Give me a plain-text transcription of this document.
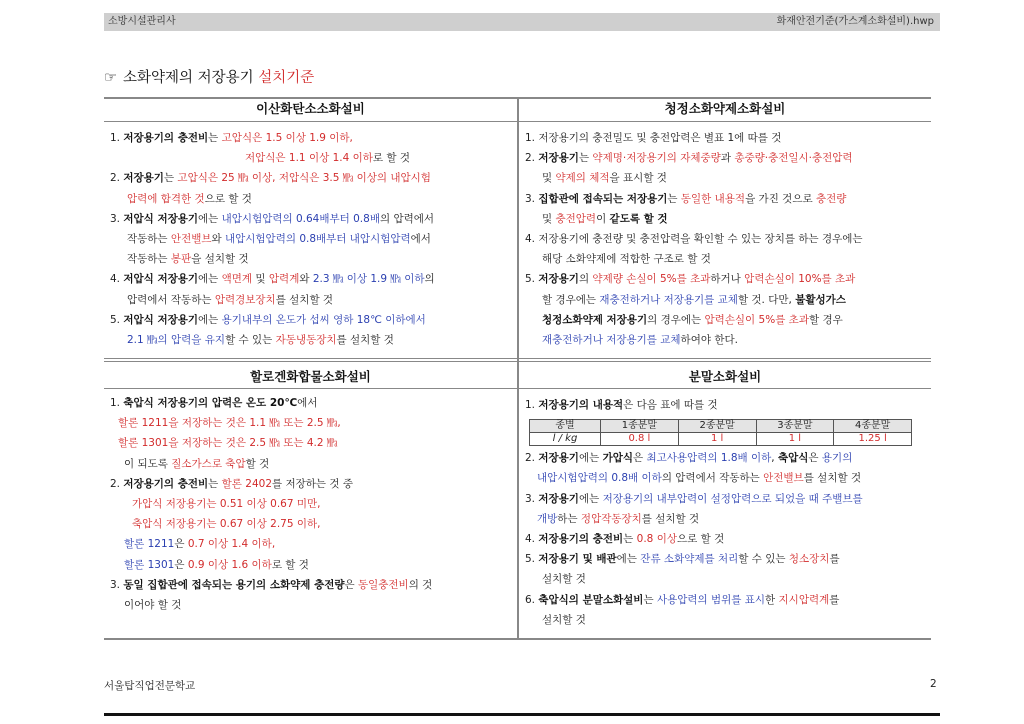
소방시설관리사	화재안전기준(가스계소화설비).hwp
☞ 소화약제의 저장용기 설치기준
이산화탄소소화설비	청정소화약제소화설비
할로겐화합물소화설비	분말소화설비
1. 저장용기의 충전비는 고압식은 1.5 이상 1.9 이하,
저압식은 1.1 이상 1.4 이하로 할 것
2. 저장용기는 고압식은 25 ㎫ 이상, 저압식은 3.5 ㎫ 이상의 내압시험
압력에 합격한 것으로 할 것
3. 저압식 저장용기에는 내압시험압력의 0.64배부터 0.8배의 압력에서
작동하는 안전밸브와 내압시험압력의 0.8배부터 내압시험압력에서
작동하는 봉판을 설치할 것
4. 저압식 저장용기에는 액면계 및 압력계와 2.3 ㎫ 이상 1.9 ㎫ 이하의
압력에서 작동하는 압력경보장치를 설치할 것
5. 저압식 저장용기에는 용기내부의 온도가 섭씨 영하 18℃ 이하에서
2.1 ㎫의 압력을 유지할 수 있는 자동냉동장치를 설치할 것
1. 저장용기의 충전밀도 및 충전압력은 별표 1에 따를 것
2. 저장용기는 약제명·저장용기의 자체중량과 총중량·충전일시·충전압력
및 약제의 체적을 표시할 것
3. 집합관에 접속되는 저장용기는 동일한 내용적을 가진 것으로 충전량
및 충전압력이 같도록 할 것
4. 저장용기에 충전량 및 충전압력을 확인할 수 있는 장치를 하는 경우에는
해당 소화약제에 적합한 구조로 할 것
5. 저장용기의 약제량 손실이 5%를 초과하거나 압력손실이 10%를 초과
할 경우에는 재충전하거나 저장용기를 교체할 것. 다만, 불활성가스
청정소화약제 저장용기의 경우에는 압력손실이 5%를 초과할 경우
재충전하거나 저장용기를 교체하여야 한다.
1. 축압식 저장용기의 압력은 온도 20℃에서
할론 1211을 저장하는 것은 1.1 ㎫ 또는 2.5 ㎫,
할론 1301을 저장하는 것은 2.5 ㎫ 또는 4.2 ㎫
이 되도록 질소가스로 축압할 것
2. 저장용기의 충전비는 할론 2402를 저장하는 것 중
가압식 저장용기는 0.51 이상 0.67 미만,
축압식 저장용기는 0.67 이상 2.75 이하,
할론 1211은 0.7 이상 1.4 이하,
할론 1301은 0.9 이상 1.6 이하로 할 것
3. 동일 집합관에 접속되는 용기의 소화약제 충전량은 동일충전비의 것
이어야 할 것
1. 저장용기의 내용적은 다음 표에 따를 것
종별	1종분말	2종분말	3종분말	4종분말
l / kg	0.8 l	1 l	1 l	1.25 l
2. 저장용기에는 가압식은 최고사용압력의 1.8배 이하, 축압식은 용기의
내압시험압력의 0.8배 이하의 압력에서 작동하는 안전밸브를 설치할 것
3. 저장용기에는 저장용기의 내부압력이 설정압력으로 되었을 때 주밸브를
개방하는 정압작동장치를 설치할 것
4. 저장용기의 충전비는 0.8 이상으로 할 것
5. 저장용기 및 배관에는 잔류 소화약제를 처리할 수 있는 청소장치를
설치할 것
6. 축압식의 분말소화설비는 사용압력의 범위를 표시한 지시압력계를
설치할 것
서울탑직업전문학교	2
